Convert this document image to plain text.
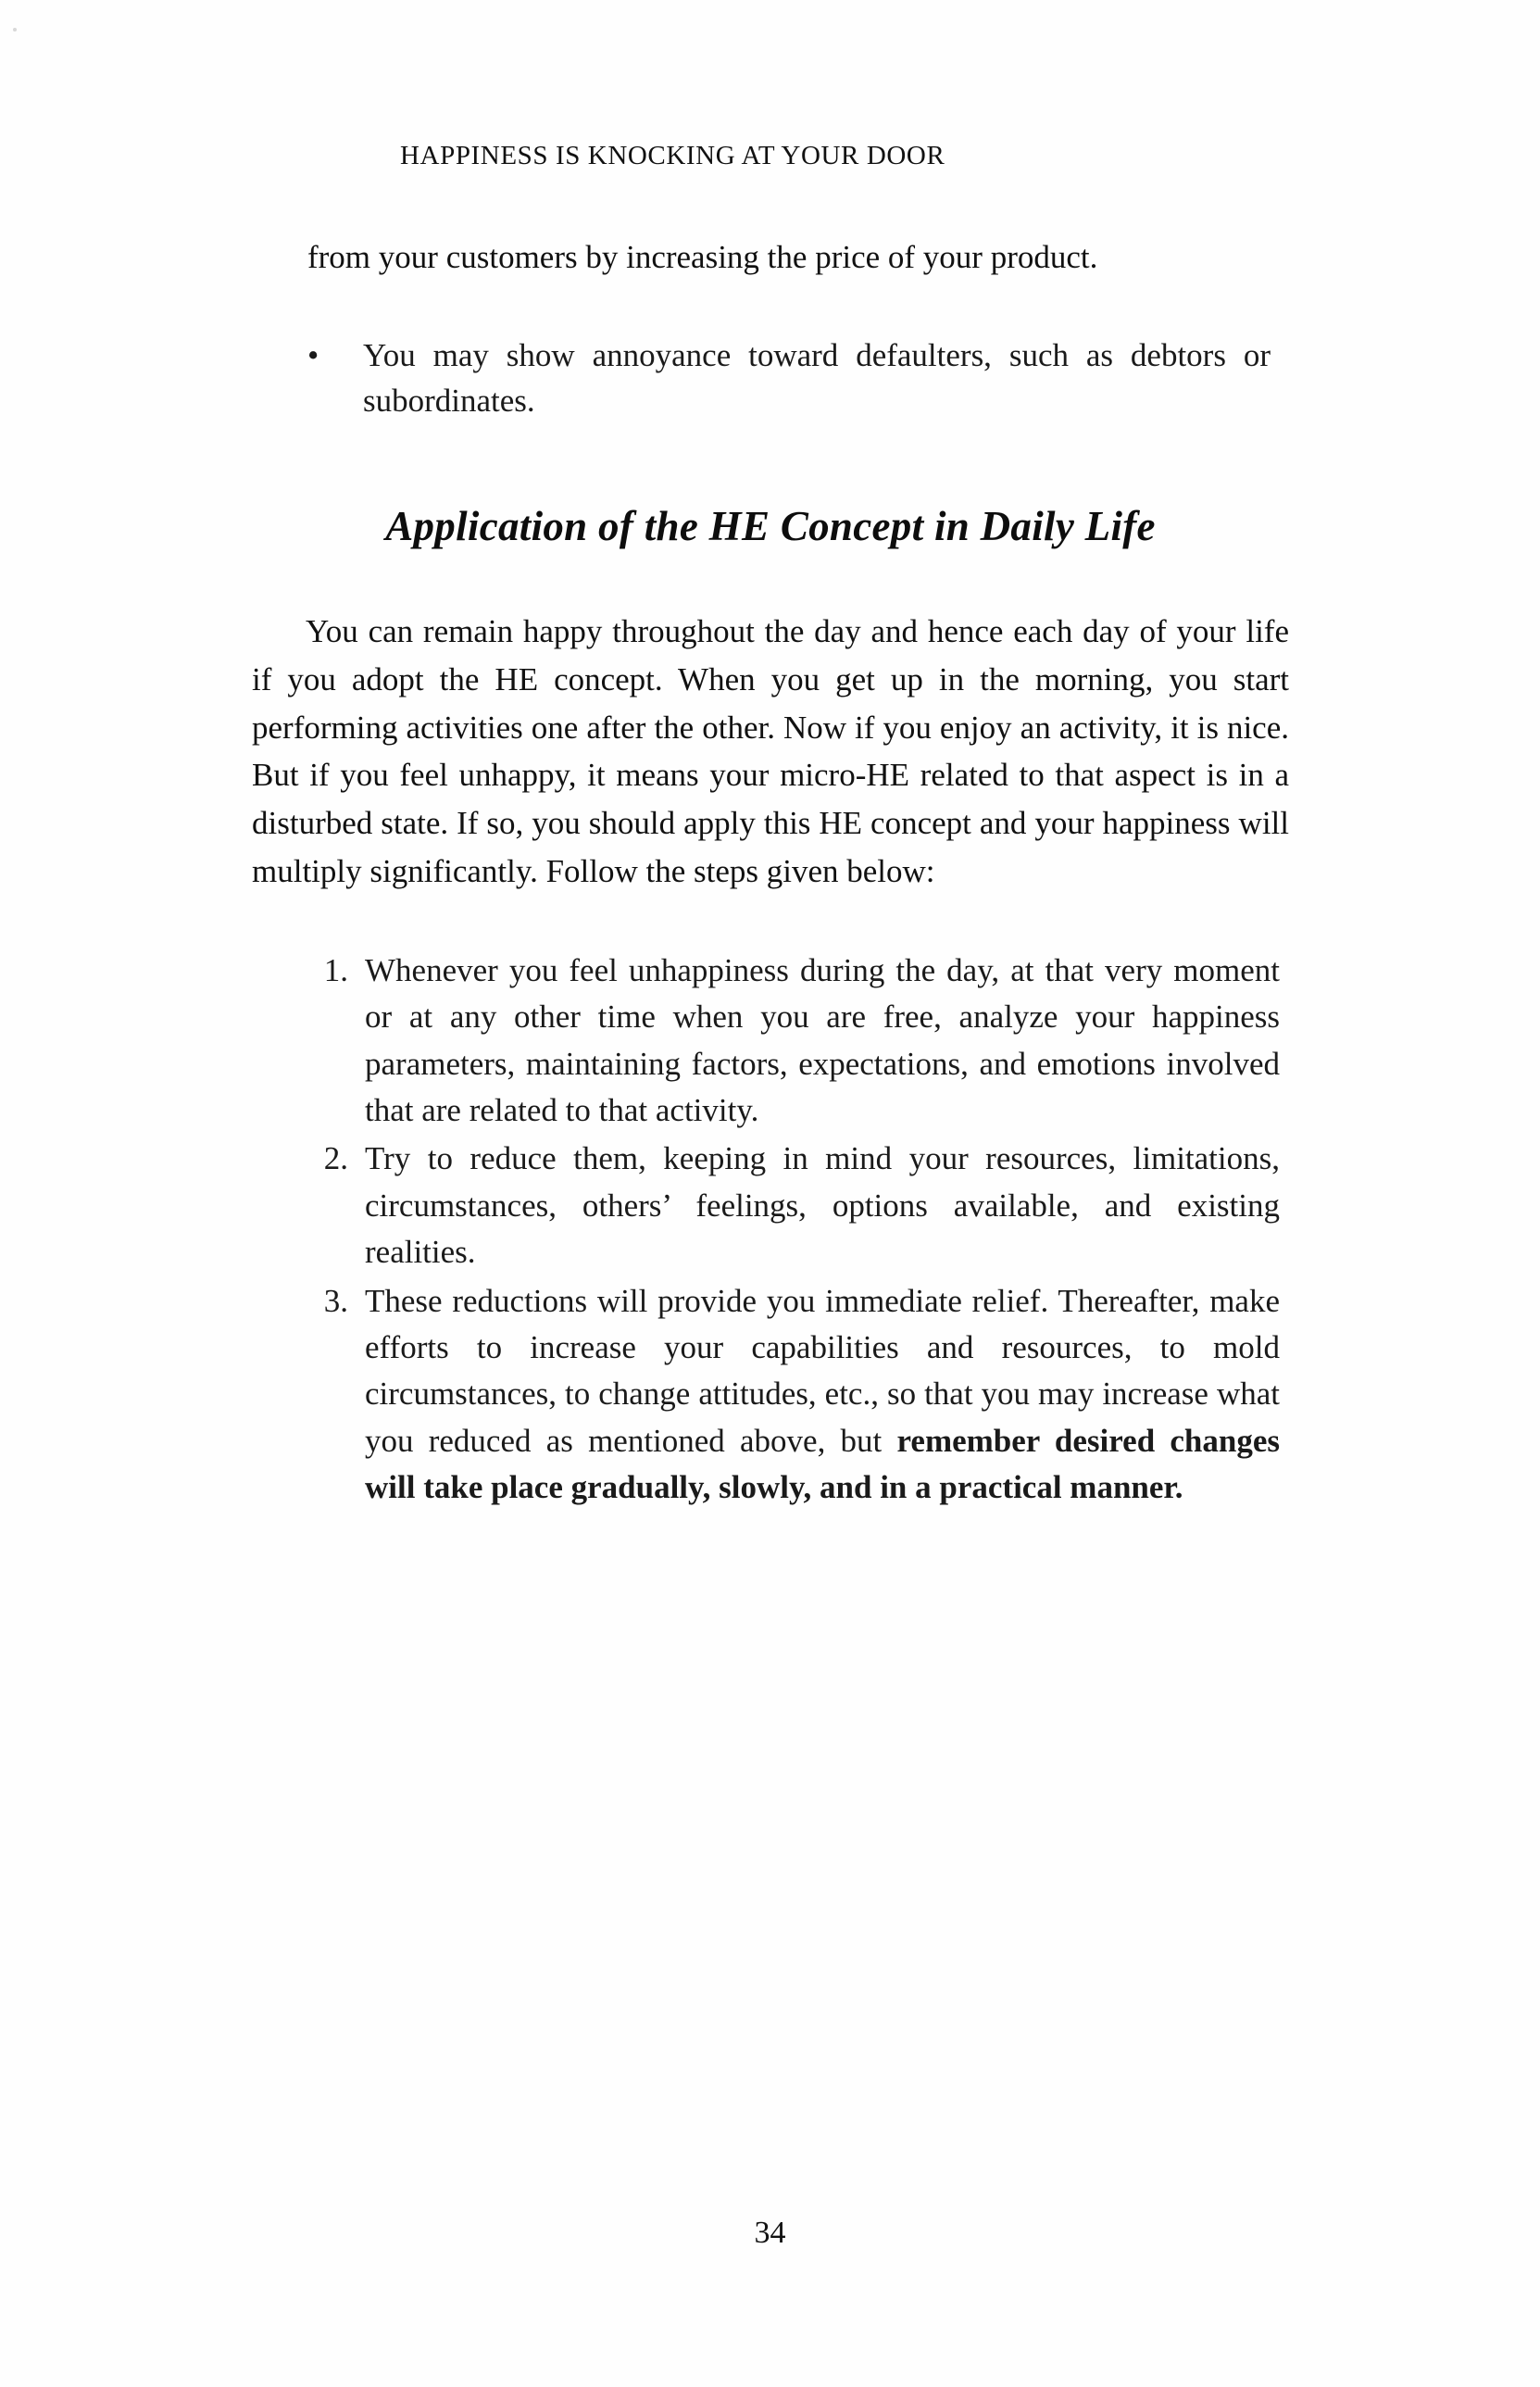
HAPPINESS IS KNOCKING AT YOUR DOOR

from your customers by increasing the price of your product.

• You may show annoyance toward defaulters, such as debtors or subordinates.
Application of the HE Concept in Daily Life

You can remain happy throughout the day and hence each day of your life if you adopt the HE concept. When you get up in the morning, you start performing activities one after the other. Now if you enjoy an activity, it is nice. But if you feel unhappy, it means your micro-HE related to that aspect is in a disturbed state. If so, you should apply this HE concept and your happiness will multiply significantly. Follow the steps given below:

1. Whenever you feel unhappiness during the day, at that very moment or at any other time when you are free, analyze your happiness parameters, maintaining factors, expectations, and emotions involved that are related to that activity.
2. Try to reduce them, keeping in mind your resources, limitations, circumstances, others’ feelings, options available, and existing realities.
3. These reductions will provide you immediate relief. Thereafter, make efforts to increase your capabilities and resources, to mold circumstances, to change attitudes, etc., so that you may increase what you reduced as mentioned above, but remember desired changes will take place gradually, slowly, and in a practical manner.
34
